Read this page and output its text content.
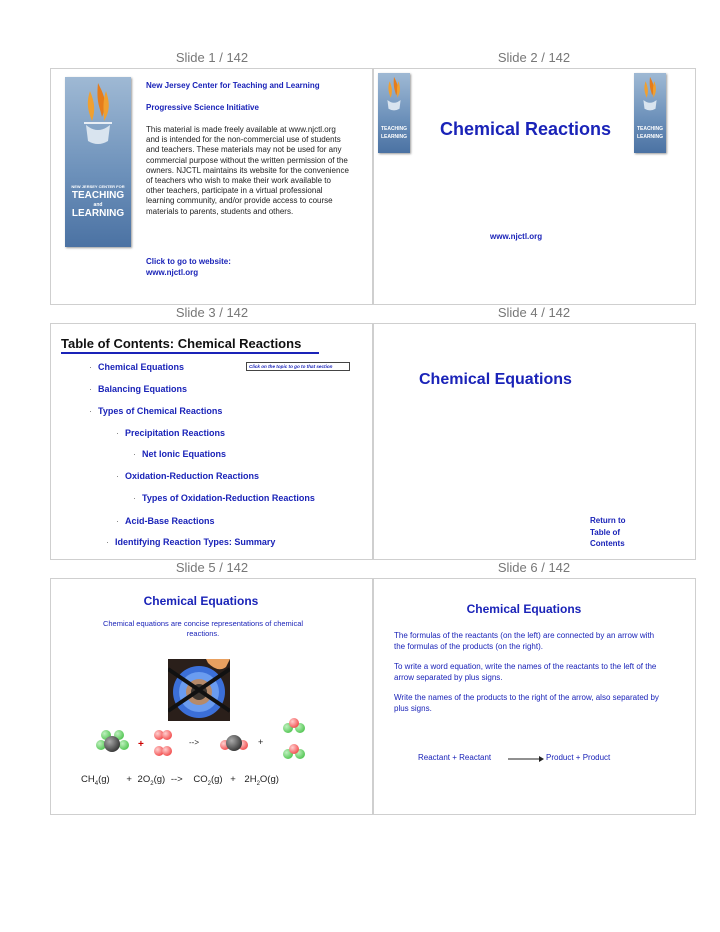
Slide 1 / 142	Slide 2 / 142
Slide 3 / 142	Slide 4 / 142
Slide 5 / 142	Slide 6 / 142
NEW JERSEY CENTER FOR
TEACHING
and
LEARNING
New Jersey Center for Teaching and Learning
Progressive Science Initiative
This material is made freely available at www.njctl.org and is intended for the non-commercial use of students and teachers. These materials may not be used for any commercial purpose without the written permission of the owners. NJCTL maintains its website for the convenience of teachers who wish to make their work available to other teachers, participate in a virtual professional learning community, and/or provide access to course materials to parents, students and others.
Click to go to website:
www.njctl.org
TEACHING
LEARNING
TEACHING
LEARNING
Chemical Reactions
www.njctl.org
Table of Contents: Chemical Reactions
Click on the topic to go to that section
· Chemical Equations
· Balancing Equations
· Types of Chemical Reactions
· Precipitation Reactions
· Net Ionic Equations
· Oxidation-Reduction Reactions
· Types of Oxidation-Reduction Reactions
· Acid-Base Reactions
· Identifying Reaction Types: Summary
Chemical Equations
Return to
Table of
Contents
Chemical Equations
Chemical equations are concise representations of chemical reactions.
+	-->	+
$CH_4(g) + 2O_2(g)$ --> $CO_2(g) + 2H_2O(g)$
Chemical Equations
The formulas of the reactants (on the left) are connected by an arrow with the formulas of the products (on the right).
To write a word equation, write the names of the reactants to the left of the arrow separated by plus signs.
Write the names of the products to the right of the arrow, also separated by plus signs.
Reactant + Reactant	Product + Product
